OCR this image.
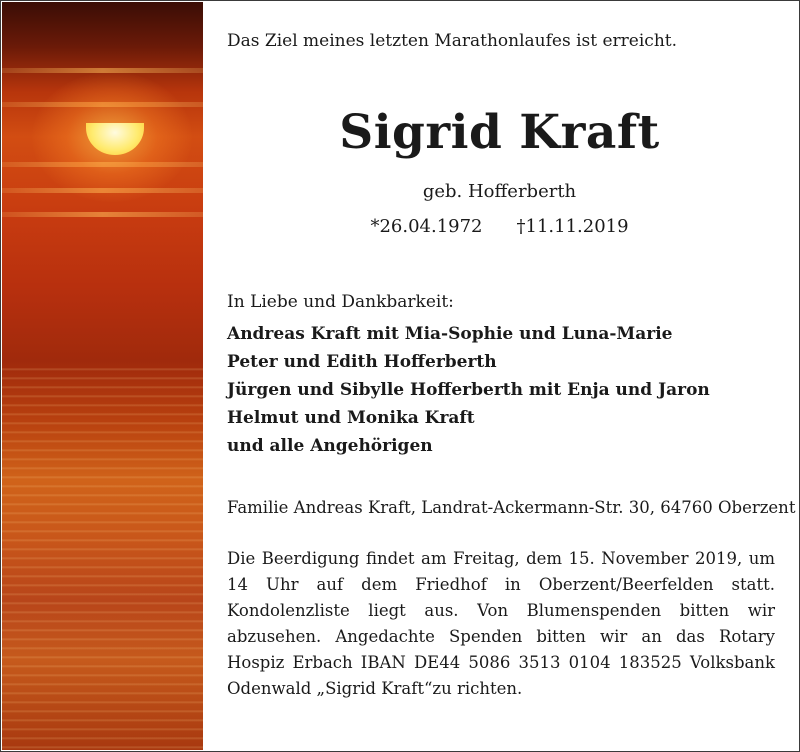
Das Ziel meines letzten Marathonlaufes ist erreicht.
Sigrid Kraft
geb. Hofferberth
*26.04.1972 †11.11.2019
In Liebe und Dankbarkeit:
Andreas Kraft mit Mia-Sophie und Luna-Marie
Peter und Edith Hofferberth
Jürgen und Sibylle Hofferberth mit Enja und Jaron
Helmut und Monika Kraft
und alle Angehörigen
Familie Andreas Kraft, Landrat-Ackermann-Str. 30, 64760 Oberzent

Die Beerdigung findet am Freitag, dem 15. November 2019, um 14 Uhr auf dem Friedhof in Oberzent/Beerfelden statt. Kondolenzliste liegt aus. Von Blumenspenden bitten wir abzusehen. Angedachte Spenden bitten wir an das Rotary Hospiz Erbach IBAN DE44 5086 3513 0104 183525 Volksbank Odenwald „Sigrid Kraft“zu richten.
